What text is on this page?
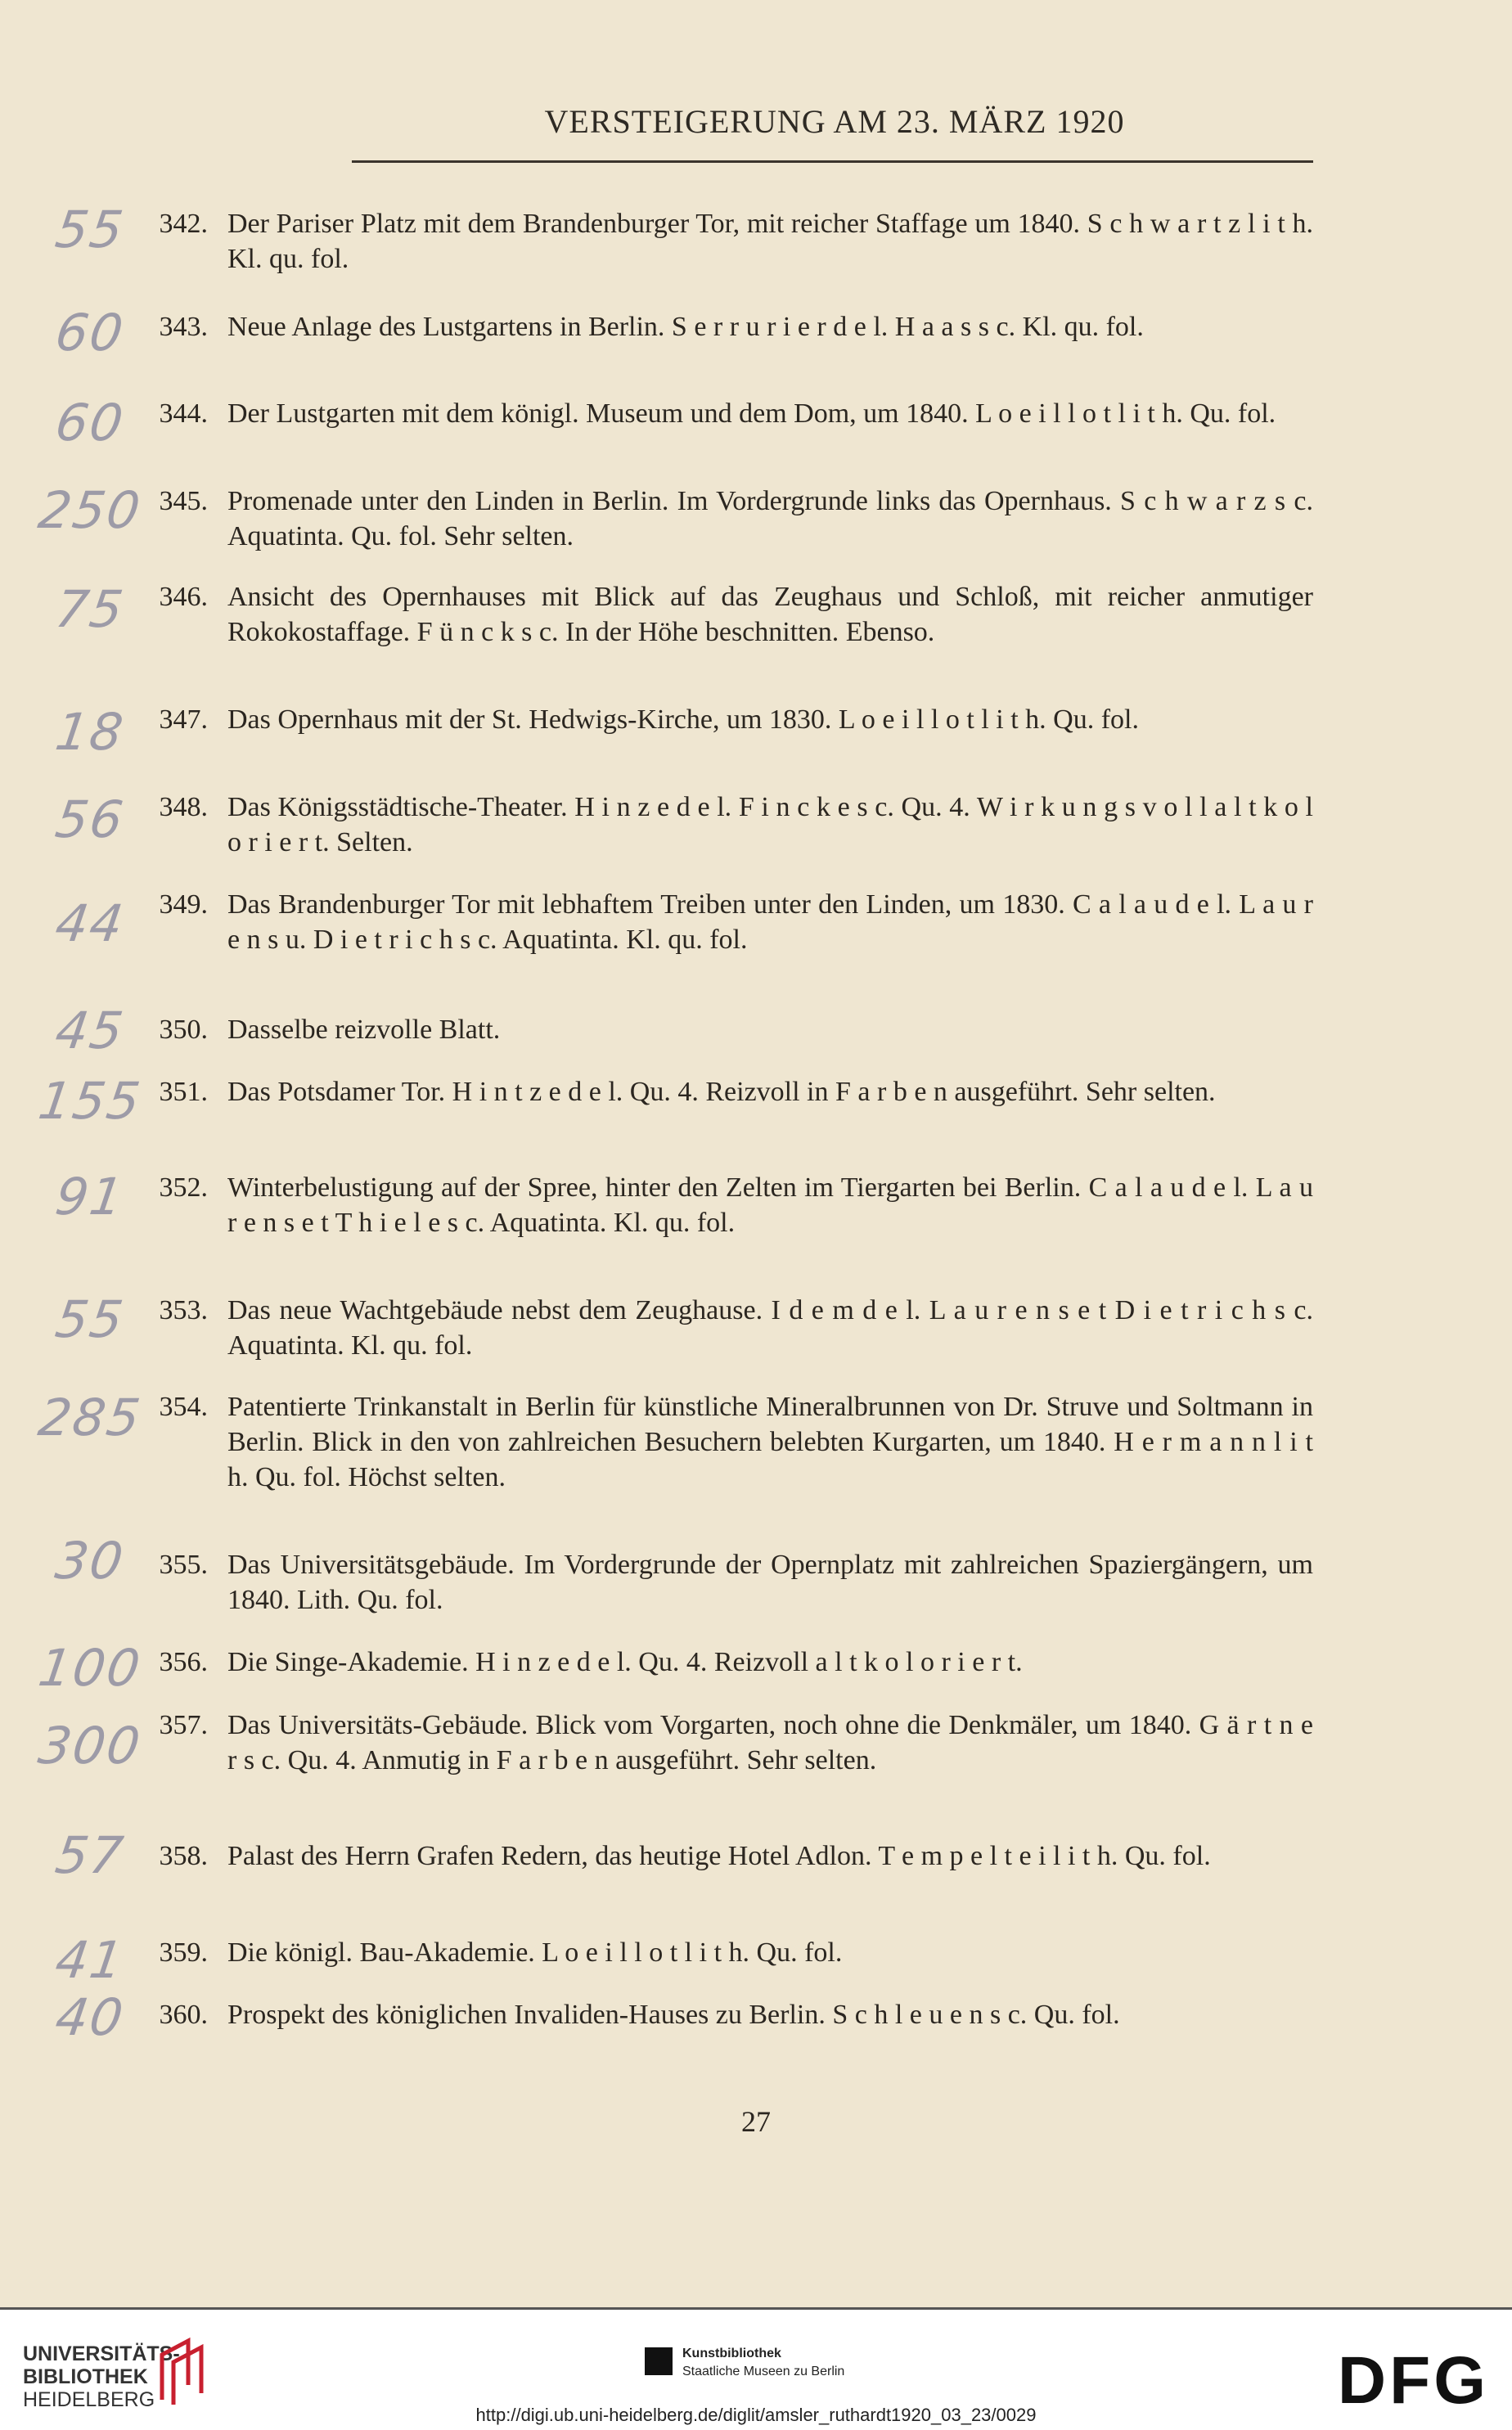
VERSTEIGERUNG AM 23. MÄRZ 1920
55	342. Der Pariser Platz mit dem Brandenburger Tor, mit reicher Staffage um 1840. S c h w a r t z l i t h. Kl. qu. fol.
60	343. Neue Anlage des Lustgartens in Berlin. S e r r u r i e r d e l. H a a s s c. Kl. qu. fol.
60	344. Der Lustgarten mit dem königl. Museum und dem Dom, um 1840. L o e i l l o t l i t h. Qu. fol.
250 345. Promenade unter den Linden in Berlin. Im Vordergrunde links das Opernhaus. S c h w a r z s c. Aquatinta. Qu. fol. Sehr selten.
75	346. Ansicht des Opernhauses mit Blick auf das Zeughaus und Schloß, mit reicher anmutiger Rokokostaffage. F ü n c k s c. In der Höhe beschnitten. Ebenso.
18	347. Das Opernhaus mit der St. Hedwigs-Kirche, um 1830. L o e i l l o t l i t h. Qu. fol.
56	348. Das Königsstädtische-Theater. H i n z e d e l. F i n c k e s c. Qu. 4. W i r k u n g s v o l l a l t k o l o r i e r t. Selten.
44	349. Das Brandenburger Tor mit lebhaftem Treiben unter den Linden, um 1830. C a l a u d e l. L a u r e n s u. D i e t r i c h s c. Aquatinta. Kl. qu. fol.
45	350. Dasselbe reizvolle Blatt.
155 351. Das Potsdamer Tor. H i n t z e d e l. Qu. 4. Reizvoll in F a r b e n ausgeführt. Sehr selten.
91	352. Winterbelustigung auf der Spree, hinter den Zelten im Tiergarten bei Berlin. C a l a u d e l. L a u r e n s e t T h i e l e s c. Aquatinta. Kl. qu. fol.
55	353. Das neue Wachtgebäude nebst dem Zeughause. I d e m d e l. L a u r e n s e t D i e t r i c h s c. Aquatinta. Kl. qu. fol.
285 354. Patentierte Trinkanstalt in Berlin für künstliche Mineralbrunnen von Dr. Struve und Soltmann in Berlin. Blick in den von zahlreichen Besuchern belebten Kurgarten, um 1840. H e r m a n n l i t h. Qu. fol. Höchst selten.
30	355. Das Universitätsgebäude. Im Vordergrunde der Opernplatz mit zahlreichen Spaziergängern, um 1840. Lith. Qu. fol.
100 356. Die Singe-Akademie. H i n z e d e l. Qu. 4. Reizvoll a l t k o l o r i e r t.
300 357. Das Universitäts-Gebäude. Blick vom Vorgarten, noch ohne die Denkmäler, um 1840. G ä r t n e r s c. Qu. 4. Anmutig in F a r b e n ausgeführt. Sehr selten.
57	358. Palast des Herrn Grafen Redern, das heutige Hotel Adlon. T e m p e l t e i l i t h. Qu. fol.
41	359. Die königl. Bau-Akademie. L o e i l l o t l i t h. Qu. fol.
40	360. Prospekt des königlichen Invaliden-Hauses zu Berlin. S c h l e u e n s c. Qu. fol.
27
UNIVERSITÄTS-
BIBLIOTHEK
HEIDELBERG
Kunstbibliothek
Staatliche Museen zu Berlin	DFG
http://digi.ub.uni-heidelberg.de/diglit/amsler_ruthardt1920_03_23/0029
